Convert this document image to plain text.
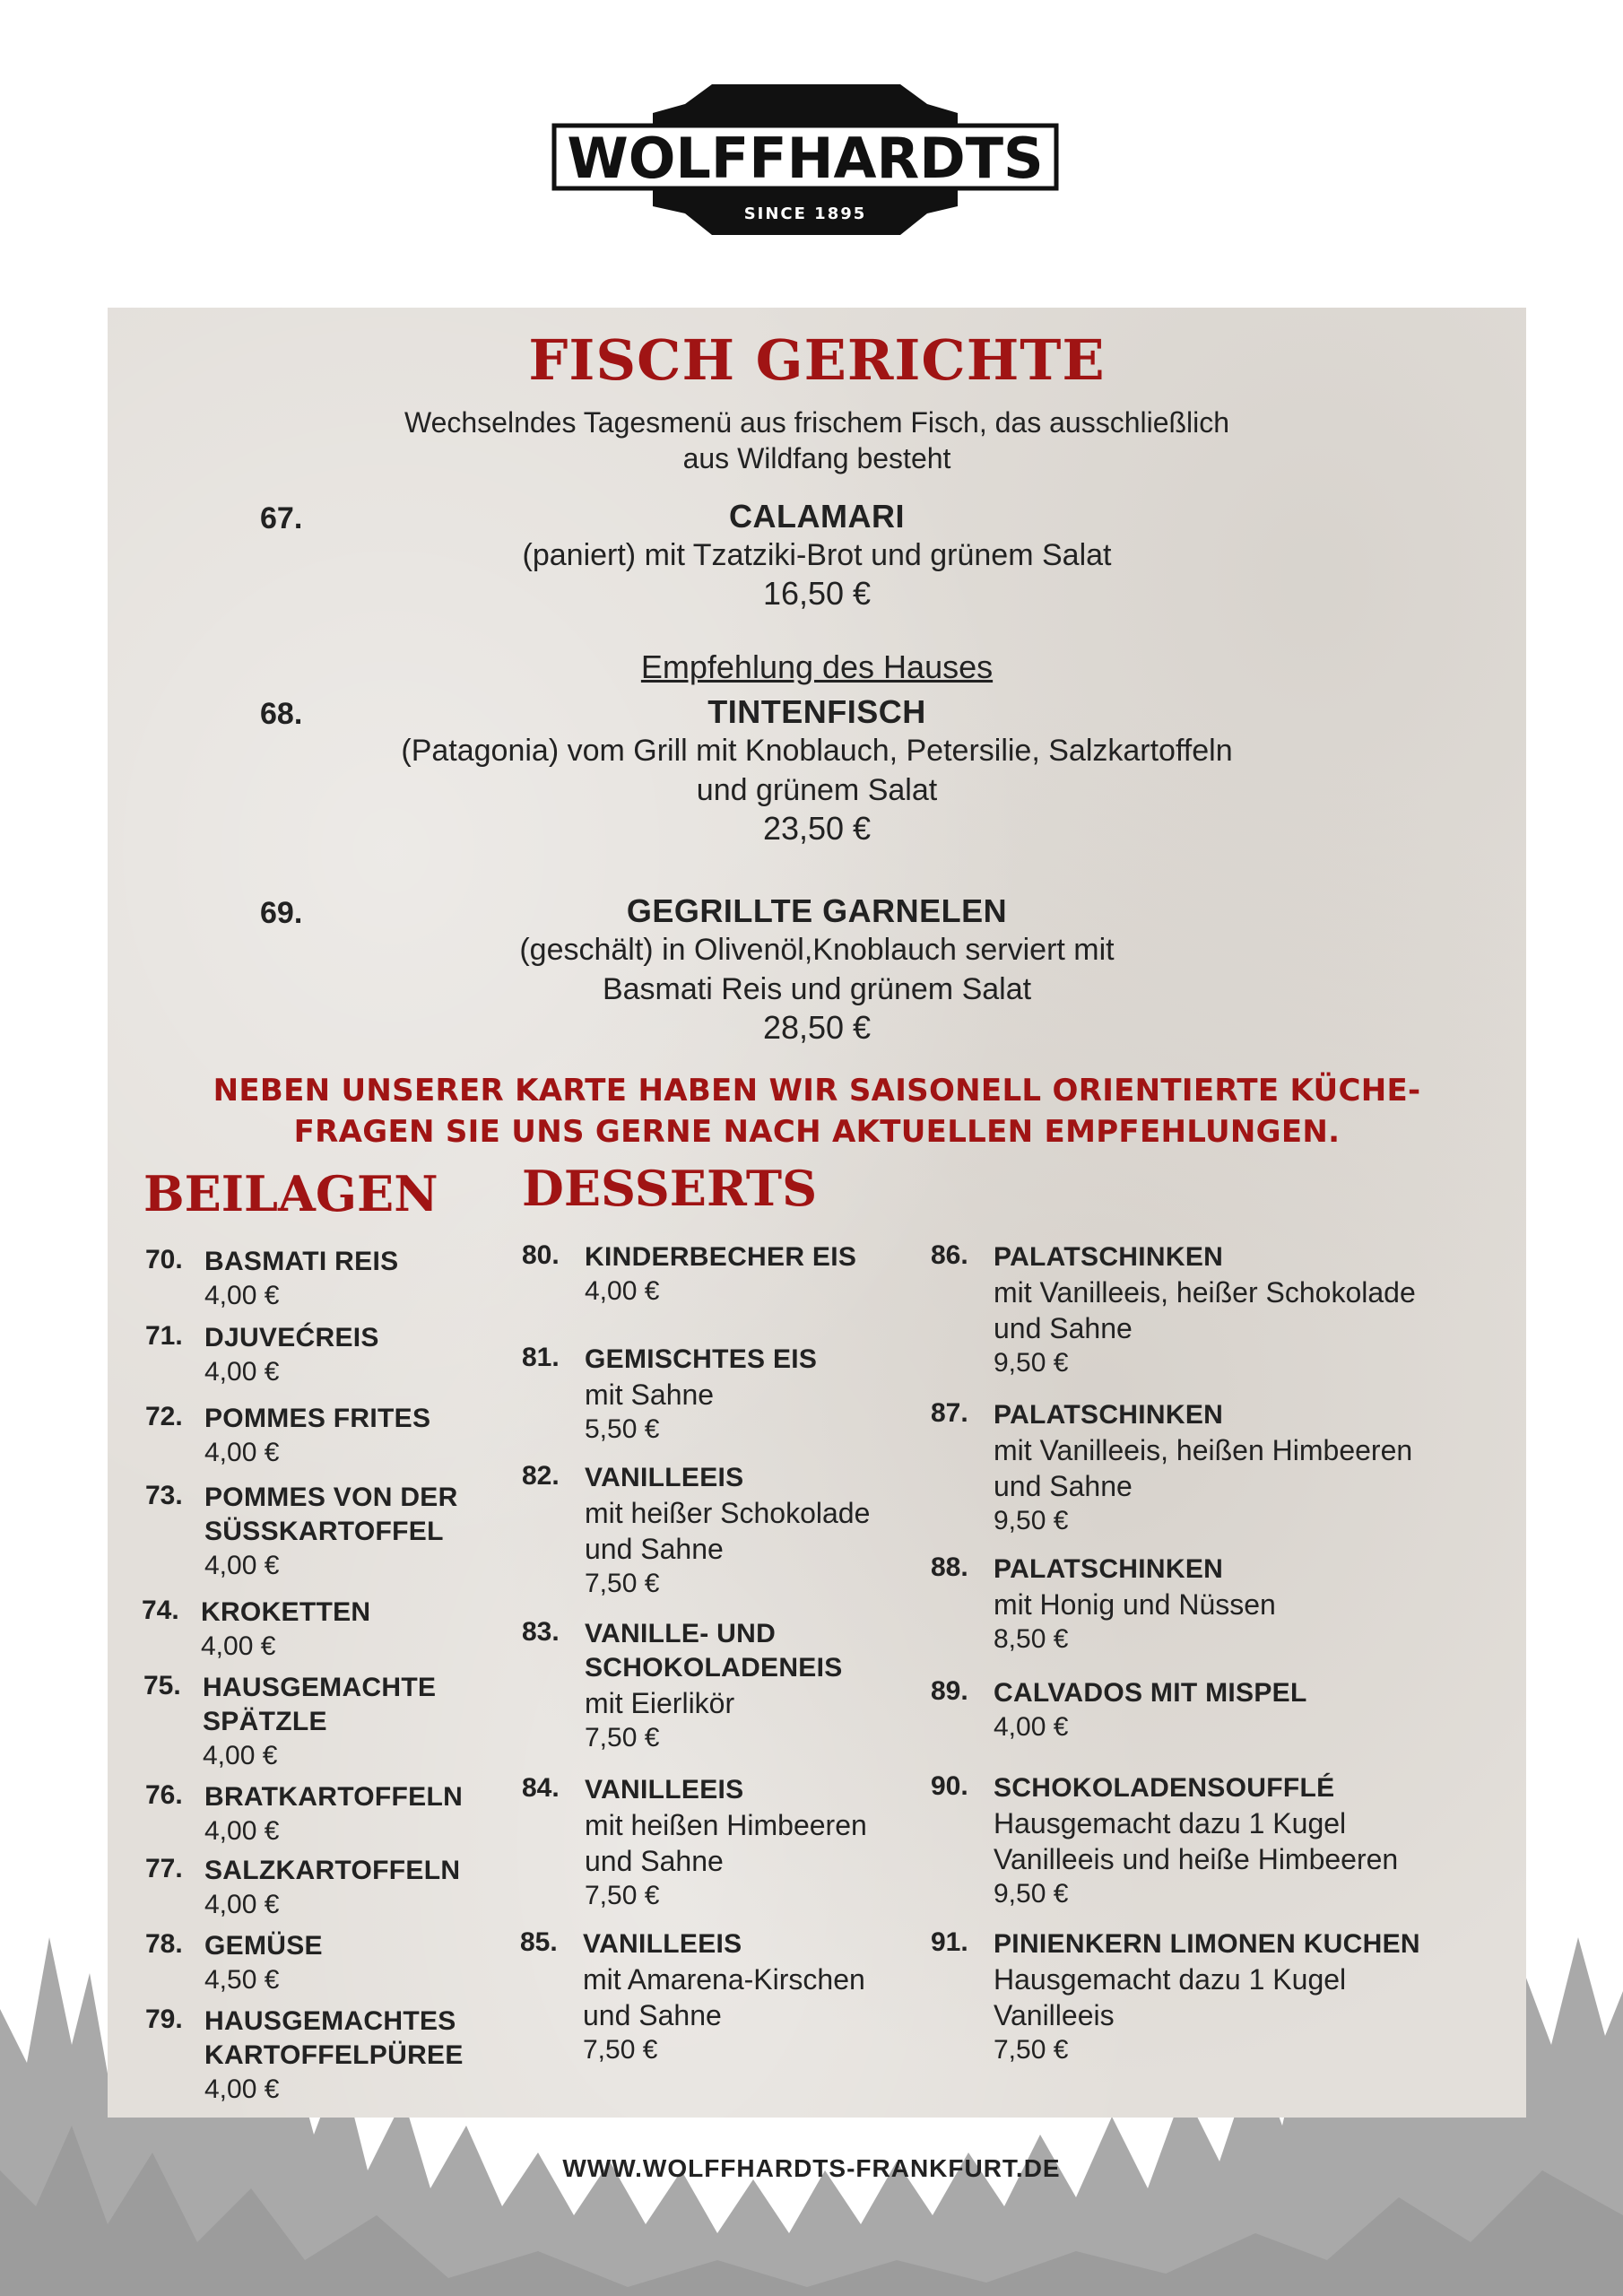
WOLFFHARDTS
SINCE 1895
FISCH GERICHTE
Wechselndes Tagesmenü aus frischem Fisch, das ausschließlich
aus Wildfang besteht
67.	CALAMARI
(paniert) mit Tzatziki-Brot und grünem Salat
16,50 €
Empfehlung des Hauses
68.	TINTENFISCH
(Patagonia) vom Grill mit Knoblauch, Petersilie, Salzkartoffeln
und grünem Salat
23,50 €
69.	GEGRILLTE GARNELEN
(geschält) in Olivenöl,Knoblauch serviert mit
Basmati Reis und grünem Salat
28,50 €
NEBEN UNSERER KARTE HABEN WIR SAISONELL ORIENTIERTE KÜCHE-
FRAGEN SIE UNS GERNE NACH AKTUELLEN EMPFEHLUNGEN.
BEILAGEN DESSERTS
70. BASMATI REIS
4,00 €
71. DJUVEĆREIS
4,00 €
72. POMMES FRITES
4,00 €
73. POMMES VON DER
SÜSSKARTOFFEL
4,00 €
74. KROKETTEN
4,00 €
75. HAUSGEMACHTE
SPÄTZLE
4,00 €
76. BRATKARTOFFELN
4,00 €
77. SALZKARTOFFELN
4,00 €
78. GEMÜSE
4,50 €
79. HAUSGEMACHTES
KARTOFFELPÜREE
4,00 €
80. KINDERBECHER EIS
4,00 €
81. GEMISCHTES EIS
mit Sahne
5,50 €
82. VANILLEEIS
mit heißer Schokolade
und Sahne
7,50 €
83. VANILLE- UND
SCHOKOLADENEIS
mit Eierlikör
7,50 €
84. VANILLEEIS
mit heißen Himbeeren
und Sahne
7,50 €
85. VANILLEEIS
mit Amarena-Kirschen
und Sahne
7,50 €
86. PALATSCHINKEN
mit Vanilleeis, heißer Schokolade
und Sahne
9,50 €
87. PALATSCHINKEN
mit Vanilleeis, heißen Himbeeren
und Sahne
9,50 €
88. PALATSCHINKEN
mit Honig und Nüssen
8,50 €
89. CALVADOS MIT MISPEL
4,00 €
90. SCHOKOLADENSOUFFLÉ
Hausgemacht dazu 1 Kugel
Vanilleeis und heiße Himbeeren
9,50 €
91. PINIENKERN LIMONEN KUCHEN
Hausgemacht dazu 1 Kugel
Vanilleeis
7,50 €
WWW.WOLFFHARDTS-FRANKFURT.DE
